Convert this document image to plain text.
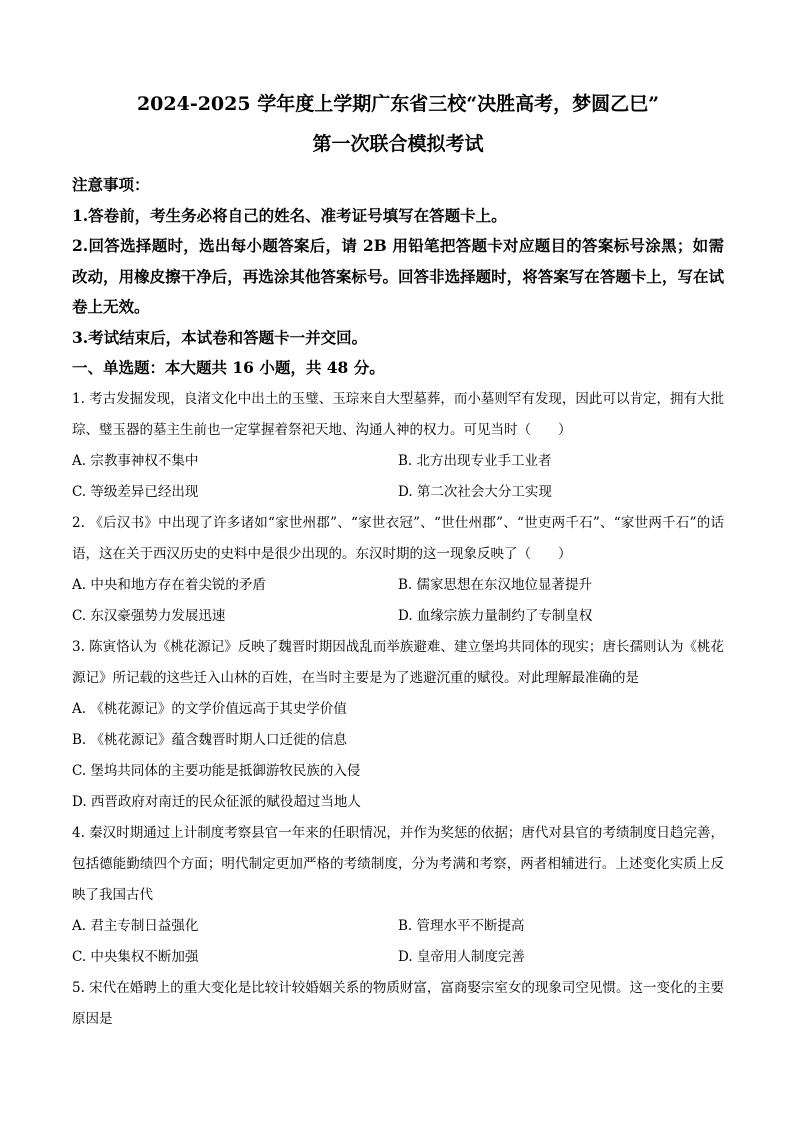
2024-2025 学年度上学期广东省三校“决胜高考，梦圆乙巳”

第一次联合模拟考试

注意事项：

1.答卷前，考生务必将自己的姓名、准考证号填写在答题卡上。

2.回答选择题时，选出每小题答案后，请 2B 用铅笔把答题卡对应题目的答案标号涂黑；如需改动，用橡皮擦干净后，再选涂其他答案标号。回答非选择题时，将答案写在答题卡上，写在试卷上无效。

3.考试结束后，本试卷和答题卡一并交回。

一、单选题：本大题共 16 小题，共 48 分。

1. 考古发掘发现，良渚文化中出土的玉璧、玉琮来自大型墓葬，而小墓则罕有发现，因此可以肯定，拥有大批琮、璧玉器的墓主生前也一定掌握着祭祀天地、沟通人神的权力。可见当时（　　）

A. 宗教事神权不集中	B. 北方出现专业手工业者
C. 等级差异已经出现	D. 第二次社会大分工实现

2. 《后汉书》中出现了许多诸如“家世州郡”、“家世衣冠”、“世仕州郡”、“世吏两千石”、“家世两千石”的话语，这在关于西汉历史的史料中是很少出现的。东汉时期的这一现象反映了（　　）

A. 中央和地方存在着尖锐的矛盾	B. 儒家思想在东汉地位显著提升
C. 东汉豪强势力发展迅速	D. 血缘宗族力量制约了专制皇权

3. 陈寅恪认为《桃花源记》反映了魏晋时期因战乱而举族避难、建立堡坞共同体的现实；唐长孺则认为《桃花源记》所记载的这些迁入山林的百姓，在当时主要是为了逃避沉重的赋役。对此理解最准确的是

A. 《桃花源记》的文学价值远高于其史学价值
B. 《桃花源记》蕴含魏晋时期人口迁徙的信息
C. 堡坞共同体的主要功能是抵御游牧民族的入侵
D. 西晋政府对南迁的民众征派的赋役超过当地人

4. 秦汉时期通过上计制度考察县官一年来的任职情况，并作为奖惩的依据；唐代对县官的考绩制度日趋完善，包括德能勤绩四个方面；明代制定更加严格的考绩制度，分为考满和考察，两者相辅进行。上述变化实质上反映了我国古代

A. 君主专制日益强化	B. 管理水平不断提高
C. 中央集权不断加强	D. 皇帝用人制度完善

5. 宋代在婚聘上的重大变化是比较计较婚姻关系的物质财富，富商娶宗室女的现象司空见惯。这一变化的主要原因是
